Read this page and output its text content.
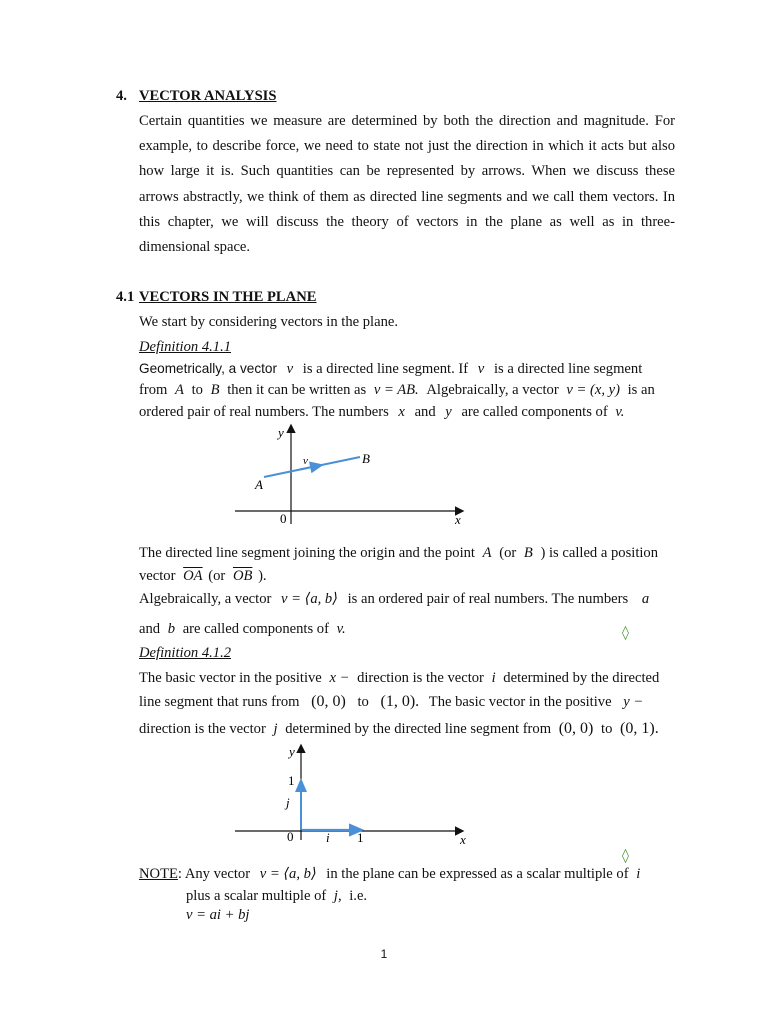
4. VECTOR ANALYSIS
Certain quantities we measure are determined by both the direction and magnitude. For example, to describe force, we need to state not just the direction in which it acts but also how large it is. Such quantities can be represented by arrows. When we discuss these arrows abstractly, we think of them as directed line segments and we call them vectors. In this chapter, we will discuss the theory of vectors in the plane as well as in three-dimensional space.
4.1 VECTORS IN THE PLANE
We start by considering vectors in the plane.
Definition 4.1.1
Geometrically, a vector v is a directed line segment. If v is a directed line segment
from A to B then it can be written as v = AB. Algebraically, a vector v = (x, y) is an
ordered pair of real numbers. The numbers x and y are called components of v.
y
x
0
A
B
v
The directed line segment joining the origin and the point A (or B ) is called a position
vector $\overline{OA}$ (or $\overline{OB}$ ).
Algebraically, a vector v = ⟨a, b⟩ is an ordered pair of real numbers. The numbers a
and b are called components of v.	◊
Definition 4.1.2
The basic vector in the positive x − direction is the vector i determined by the directed
line segment that runs from (0, 0) to (1, 0). The basic vector in the positive y −
direction is the vector j determined by the directed line segment from (0, 0) to (0, 1).
y
x
0
1
1
i
j
◊
NOTE: Any vector v = ⟨a, b⟩ in the plane can be expressed as a scalar multiple of i
plus a scalar multiple of j, i.e.
v = ai + bj
1
